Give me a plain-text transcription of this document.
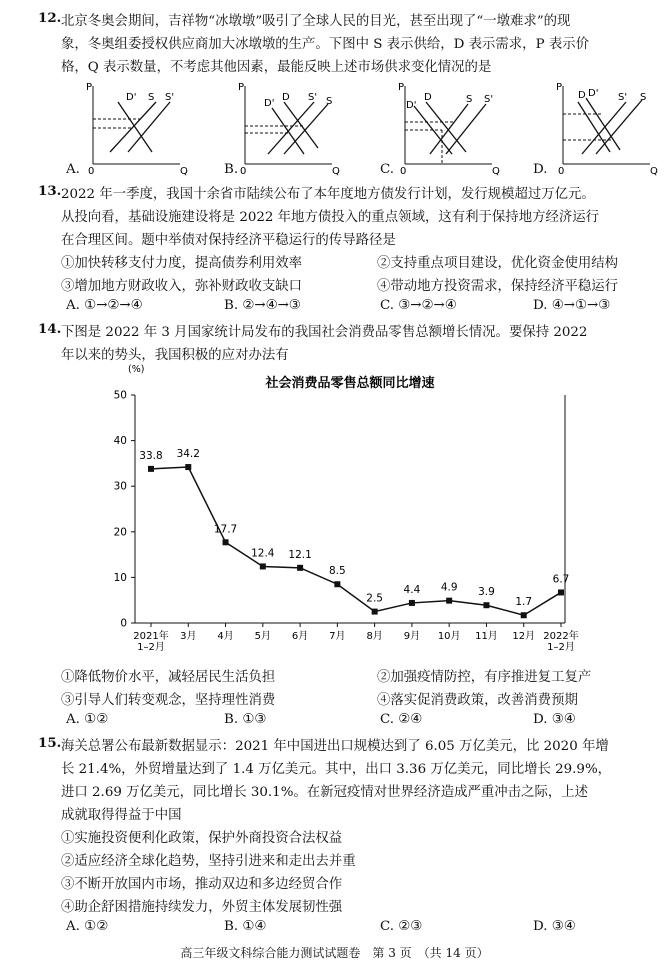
12. 北京冬奥会期间，吉祥物“冰墩墩”吸引了全球人民的目光，甚至出现了“一墩难求”的现
象，冬奥组委授权供应商加大冰墩墩的生产。下图中 S 表示供给，D 表示需求，P 表示价
格，Q 表示数量，不考虑其他因素，最能反映上述市场供求变化情况的是
P
0	Q
D' S S'
P
0	Q
D'
D S' S
P
0	Q
D'
D	S S'
P
0	Q
D D' S' S
A.	B.	C.	D.
13. 2022 年一季度，我国十余省市陆续公布了本年度地方债发行计划，发行规模超过万亿元。
从投向看，基础设施建设将是 2022 年地方债投入的重点领域，这有利于保持地方经济运行
在合理区间。题中举债对保持经济平稳运行的传导路径是
①加快转移支付力度，提高债券利用效率	②支持重点项目建设，优化资金使用结构
③增加地方财政收入，弥补财政收支缺口	④带动地方投资需求，保持经济平稳运行
A. ①→②→④	B. ②→④→③	C. ③→②→④	D. ④→①→③
14. 下图是 2022 年 3 月国家统计局发布的我国社会消费品零售总额增长情况。要保持 2022
年以来的势头，我国积极的应对办法有
(%)
社会消费品零售总额同比增速
0
10
20
30
40
50
2021年
1–2月
3月 4月 5月 6月 7月 8月 9月 10月 11月 12月 2022年
1–2月
33.8 34.2
17.7
12.4 12.1
8.5
2.5
4.4 4.9 3.9
1.7
6.7
①降低物价水平，减轻居民生活负担	②加强疫情防控，有序推进复工复产
③引导人们转变观念，坚持理性消费	④落实促消费政策，改善消费预期
A. ①②	B. ①③	C. ②④	D. ③④
15. 海关总署公布最新数据显示：2021 年中国进出口规模达到了 6.05 万亿美元，比 2020 年增
长 21.4%，外贸增量达到了 1.4 万亿美元。其中，出口 3.36 万亿美元，同比增长 29.9%，
进口 2.69 万亿美元，同比增长 30.1%。在新冠疫情对世界经济造成严重冲击之际，上述
成就取得得益于中国
①实施投资便利化政策，保护外商投资合法权益
②适应经济全球化趋势，坚持引进来和走出去并重
③不断开放国内市场，推动双边和多边经贸合作
④助企舒困措施持续发力，外贸主体发展韧性强
A. ①②	B. ①④	C. ②③	D. ③④
高三年级文科综合能力测试试题卷　第 3 页　（共 14 页）
